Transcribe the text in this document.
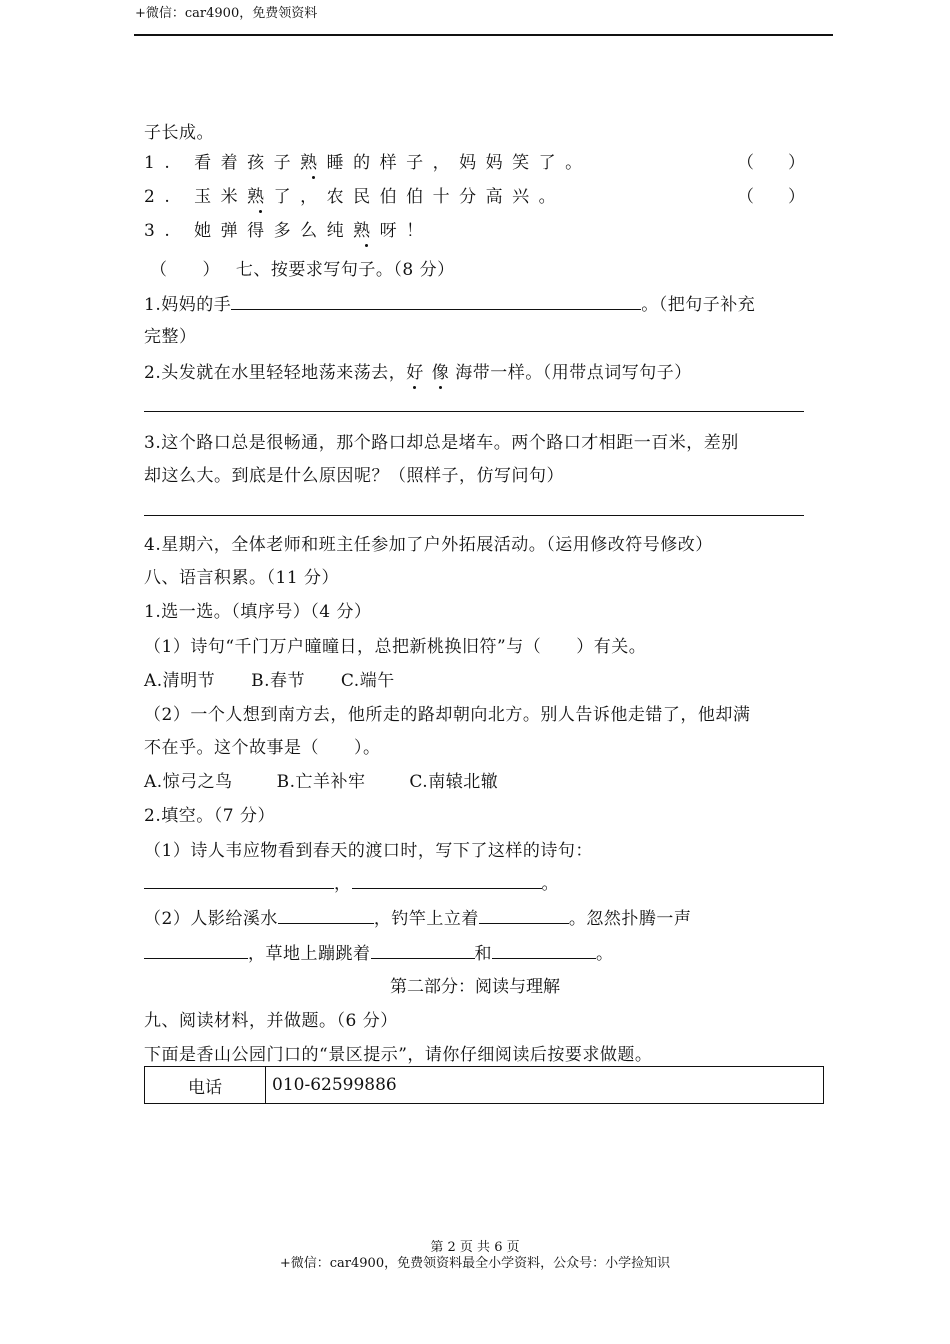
+微信：car4900，免费领资料
子长成。
1. 看着孩子熟睡的样子，妈妈笑了。	（　　）
2. 玉米熟了，农民伯伯十分高兴。	（　　）
3. 她弹得多么纯熟呀！
（　　） 七、按要求写句子。（8 分）
1.妈妈的手	。（把句子补充
完整）
2.头发就在水里轻轻地荡来荡去，好 像 海带一样。（用带点词写句子）
3.这个路口总是很畅通，那个路口却总是堵车。两个路口才相距一百米，差别
却这么大。到底是什么原因呢？（照样子，仿写问句）
4.星期六，全体老师和班主任参加了户外拓展活动。（运用修改符号修改）
八、语言积累。（11 分）
1.选一选。（填序号）（4 分）
（1）诗句“千门万户曈曈日，总把新桃换旧符”与（　　）有关。
A.清明节 B.春节 C.端午
（2）一个人想到南方去，他所走的路却朝向北方。别人告诉他走错了，他却满
不在乎。这个故事是（　　）。
A.惊弓之鸟	B.亡羊补牢	C.南辕北辙
2.填空。（7 分）
（1）诗人韦应物看到春天的渡口时，写下了这样的诗句：
，	。
（2）人影给溪水	，钓竿上立着	。忽然扑腾一声
，草地上蹦跳着	和	。
第二部分：阅读与理解
九、阅读材料，并做题。（6 分）
下面是香山公园门口的“景区提示”，请你仔细阅读后按要求做题。
电话	010-62599886
第 2 页 共 6 页
+微信：car4900，免费领资料最全小学资料，公众号：小学捡知识
